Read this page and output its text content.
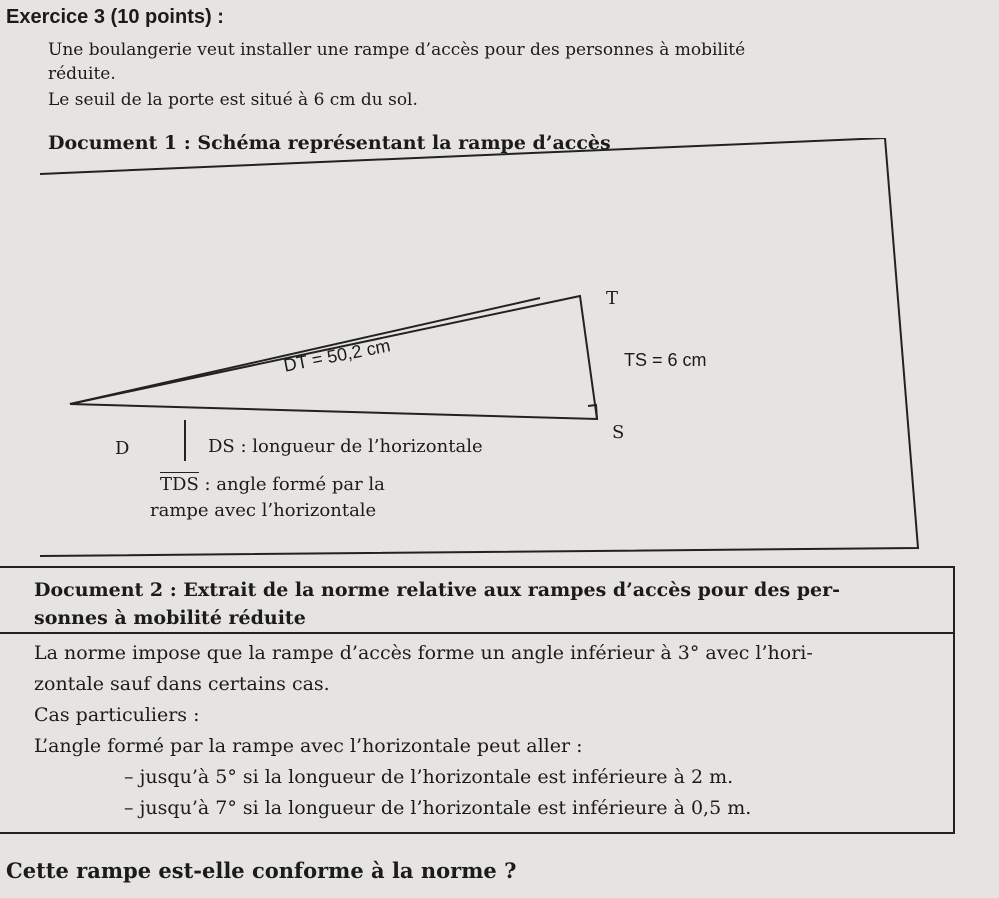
Exercice 3 (10 points) :
Une boulangerie veut installer une rampe d’accès pour des personnes à mobilité
réduite.
Le seuil de la porte est situé à 6 cm du sol.
Document 1 : Schéma représentant la rampe d’accès
T
S
D
DT = 50,2 cm	TS = 6 cm
DS : longueur de l’horizontale
TDS : angle formé par la
rampe avec l’horizontale
Document 2 : Extrait de la norme relative aux rampes d’accès pour des per-
sonnes à mobilité réduite
La norme impose que la rampe d’accès forme un angle inférieur à 3° avec l’hori-
zontale sauf dans certains cas.
Cas particuliers :
L’angle formé par la rampe avec l’horizontale peut aller :
– jusqu’à 5° si la longueur de l’horizontale est inférieure à 2 m.
– jusqu’à 7° si la longueur de l’horizontale est inférieure à 0,5 m.
Cette rampe est-elle conforme à la norme ?
